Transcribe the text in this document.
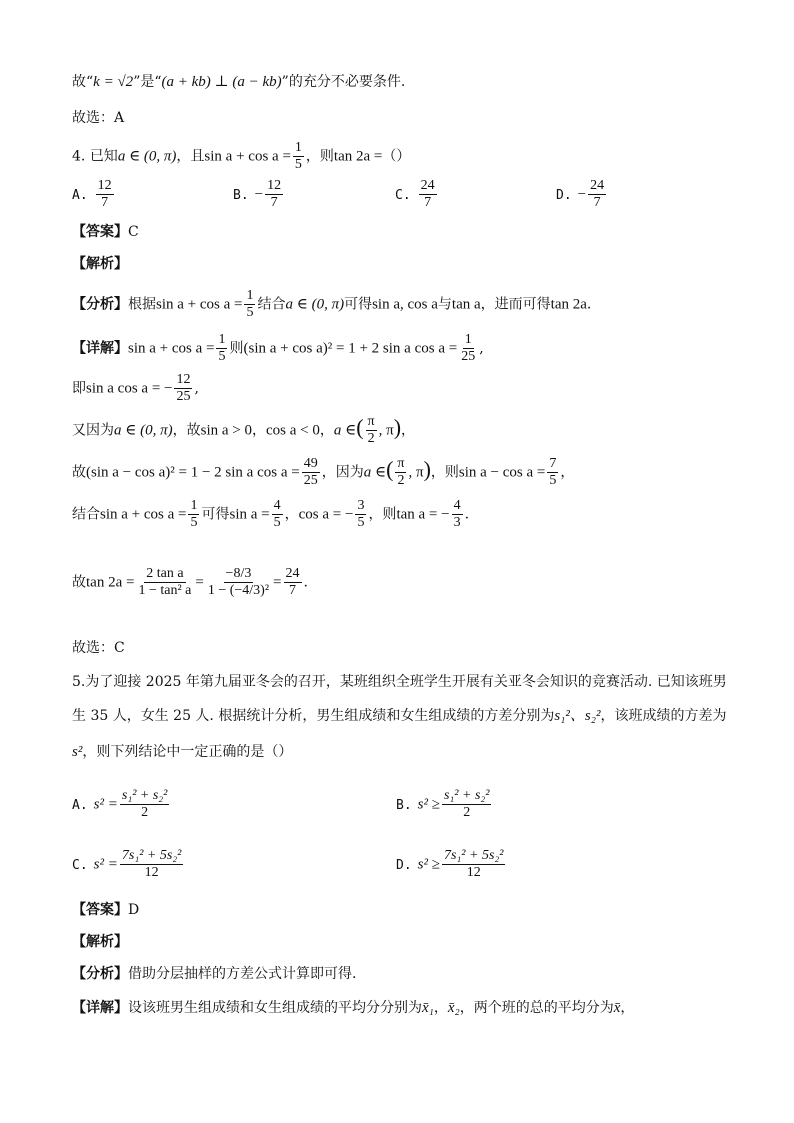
故“k = √2”是“(a + kb) ⊥ (a − kb)”的充分不必要条件.
故选：A
4. 已知a ∈ (0, π)，且$\sin a + \cos a = \frac{1}{5}$ ，则tan 2a =（）
A. $\frac{12}{7}$	B. − $\frac{12}{7}$	C. $\frac{24}{7}$	D. − $\frac{24}{7}$
【答案】C
【解析】
【分析】根据$\sin a + \cos a = \frac{1}{5}$ 结合a ∈ (0, π)可得sin a, cos a与tan a，进而可得tan 2a.
【详解】$\sin a + \cos a = \frac{1}{5}$ 则(sin a + cos a)² = 1 + 2 sin a $\cos a = \frac{1}{25}$ ,
即sin a cos a = − $\frac{12}{25}$ ,
又因为a ∈ (0, π)，故sin a > 0，cos a < 0，a ∈( $\frac{\pi}{2}$ , π)，
故(sin a − cos a)² = 1 − 2 sin a $\cos a = \frac{49}{25}$ ，因为a ∈( $\frac{\pi}{2}$ , π)，则$\sin a - \cos a = \frac{7}{5}$ ，
结合$\sin a + \cos a = \frac{1}{5}$ 可得$\sin a = \frac{4}{5}$ ，cos a = − $\frac{3}{5}$ ，则tan a = − $\frac{4}{3}$ .
故$\tan 2a = \frac{\text{2 tan a}}{\text{1 − tan² a}} = \frac{-8/3}{\text{1 − (−4/3)²}} = \frac{24}{7}$ .
故选：C
5.为了迎接 2025 年第九届亚冬会的召开，某班组织全班学生开展有关亚冬会知识的竞赛活动. 已知该班男
生 35 人，女生 25 人. 根据统计分析，男生组成绩和女生组成绩的方差分别为s₁²、s₂²，该班成绩的方差为
s²，则下列结论中一定正确的是（）
A. $s^2 = \frac{\text{s₁² + s₂²}}{2}$	B. $s^2 \ge \frac{\text{s₁² + s₂²}}{2}$
C. $s^2 = \frac{\text{7s₁² + 5s₂²}}{12}$	D. $s^2 \ge \frac{\text{7s₁² + 5s₂²}}{12}$
【答案】D
【解析】
【分析】借助分层抽样的方差公式计算即可得.
【详解】设该班男生组成绩和女生组成绩的平均分分别为x̄₁，x̄₂，两个班的总的平均分为x̄，
